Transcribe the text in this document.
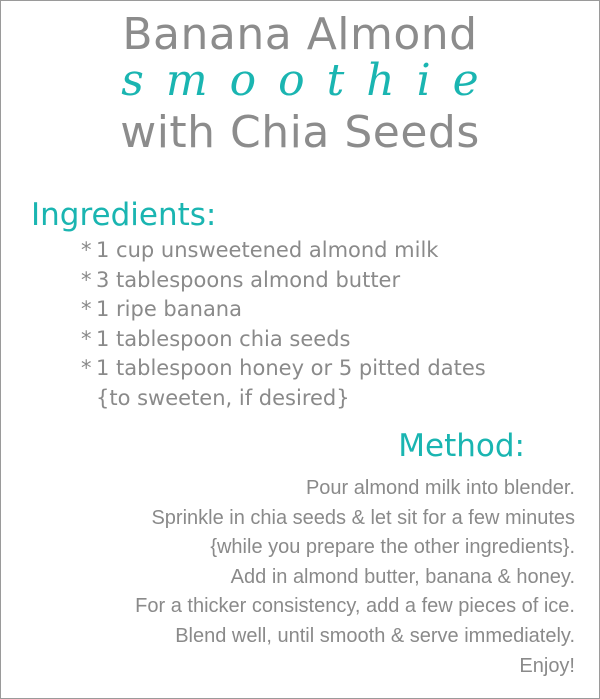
Banana Almond
smoothie
with Chia Seeds
Ingredients:
* 1 cup unsweetened almond milk
* 3 tablespoons almond butter
* 1 ripe banana
* 1 tablespoon chia seeds
* 1 tablespoon honey or 5 pitted dates
{to sweeten, if desired}
Method:

Pour almond milk into blender.
Sprinkle in chia seeds & let sit for a few minutes
{while you prepare the other ingredients}.
Add in almond butter, banana & honey.
For a thicker consistency, add a few pieces of ice.
Blend well, until smooth & serve immediately.
Enjoy!
